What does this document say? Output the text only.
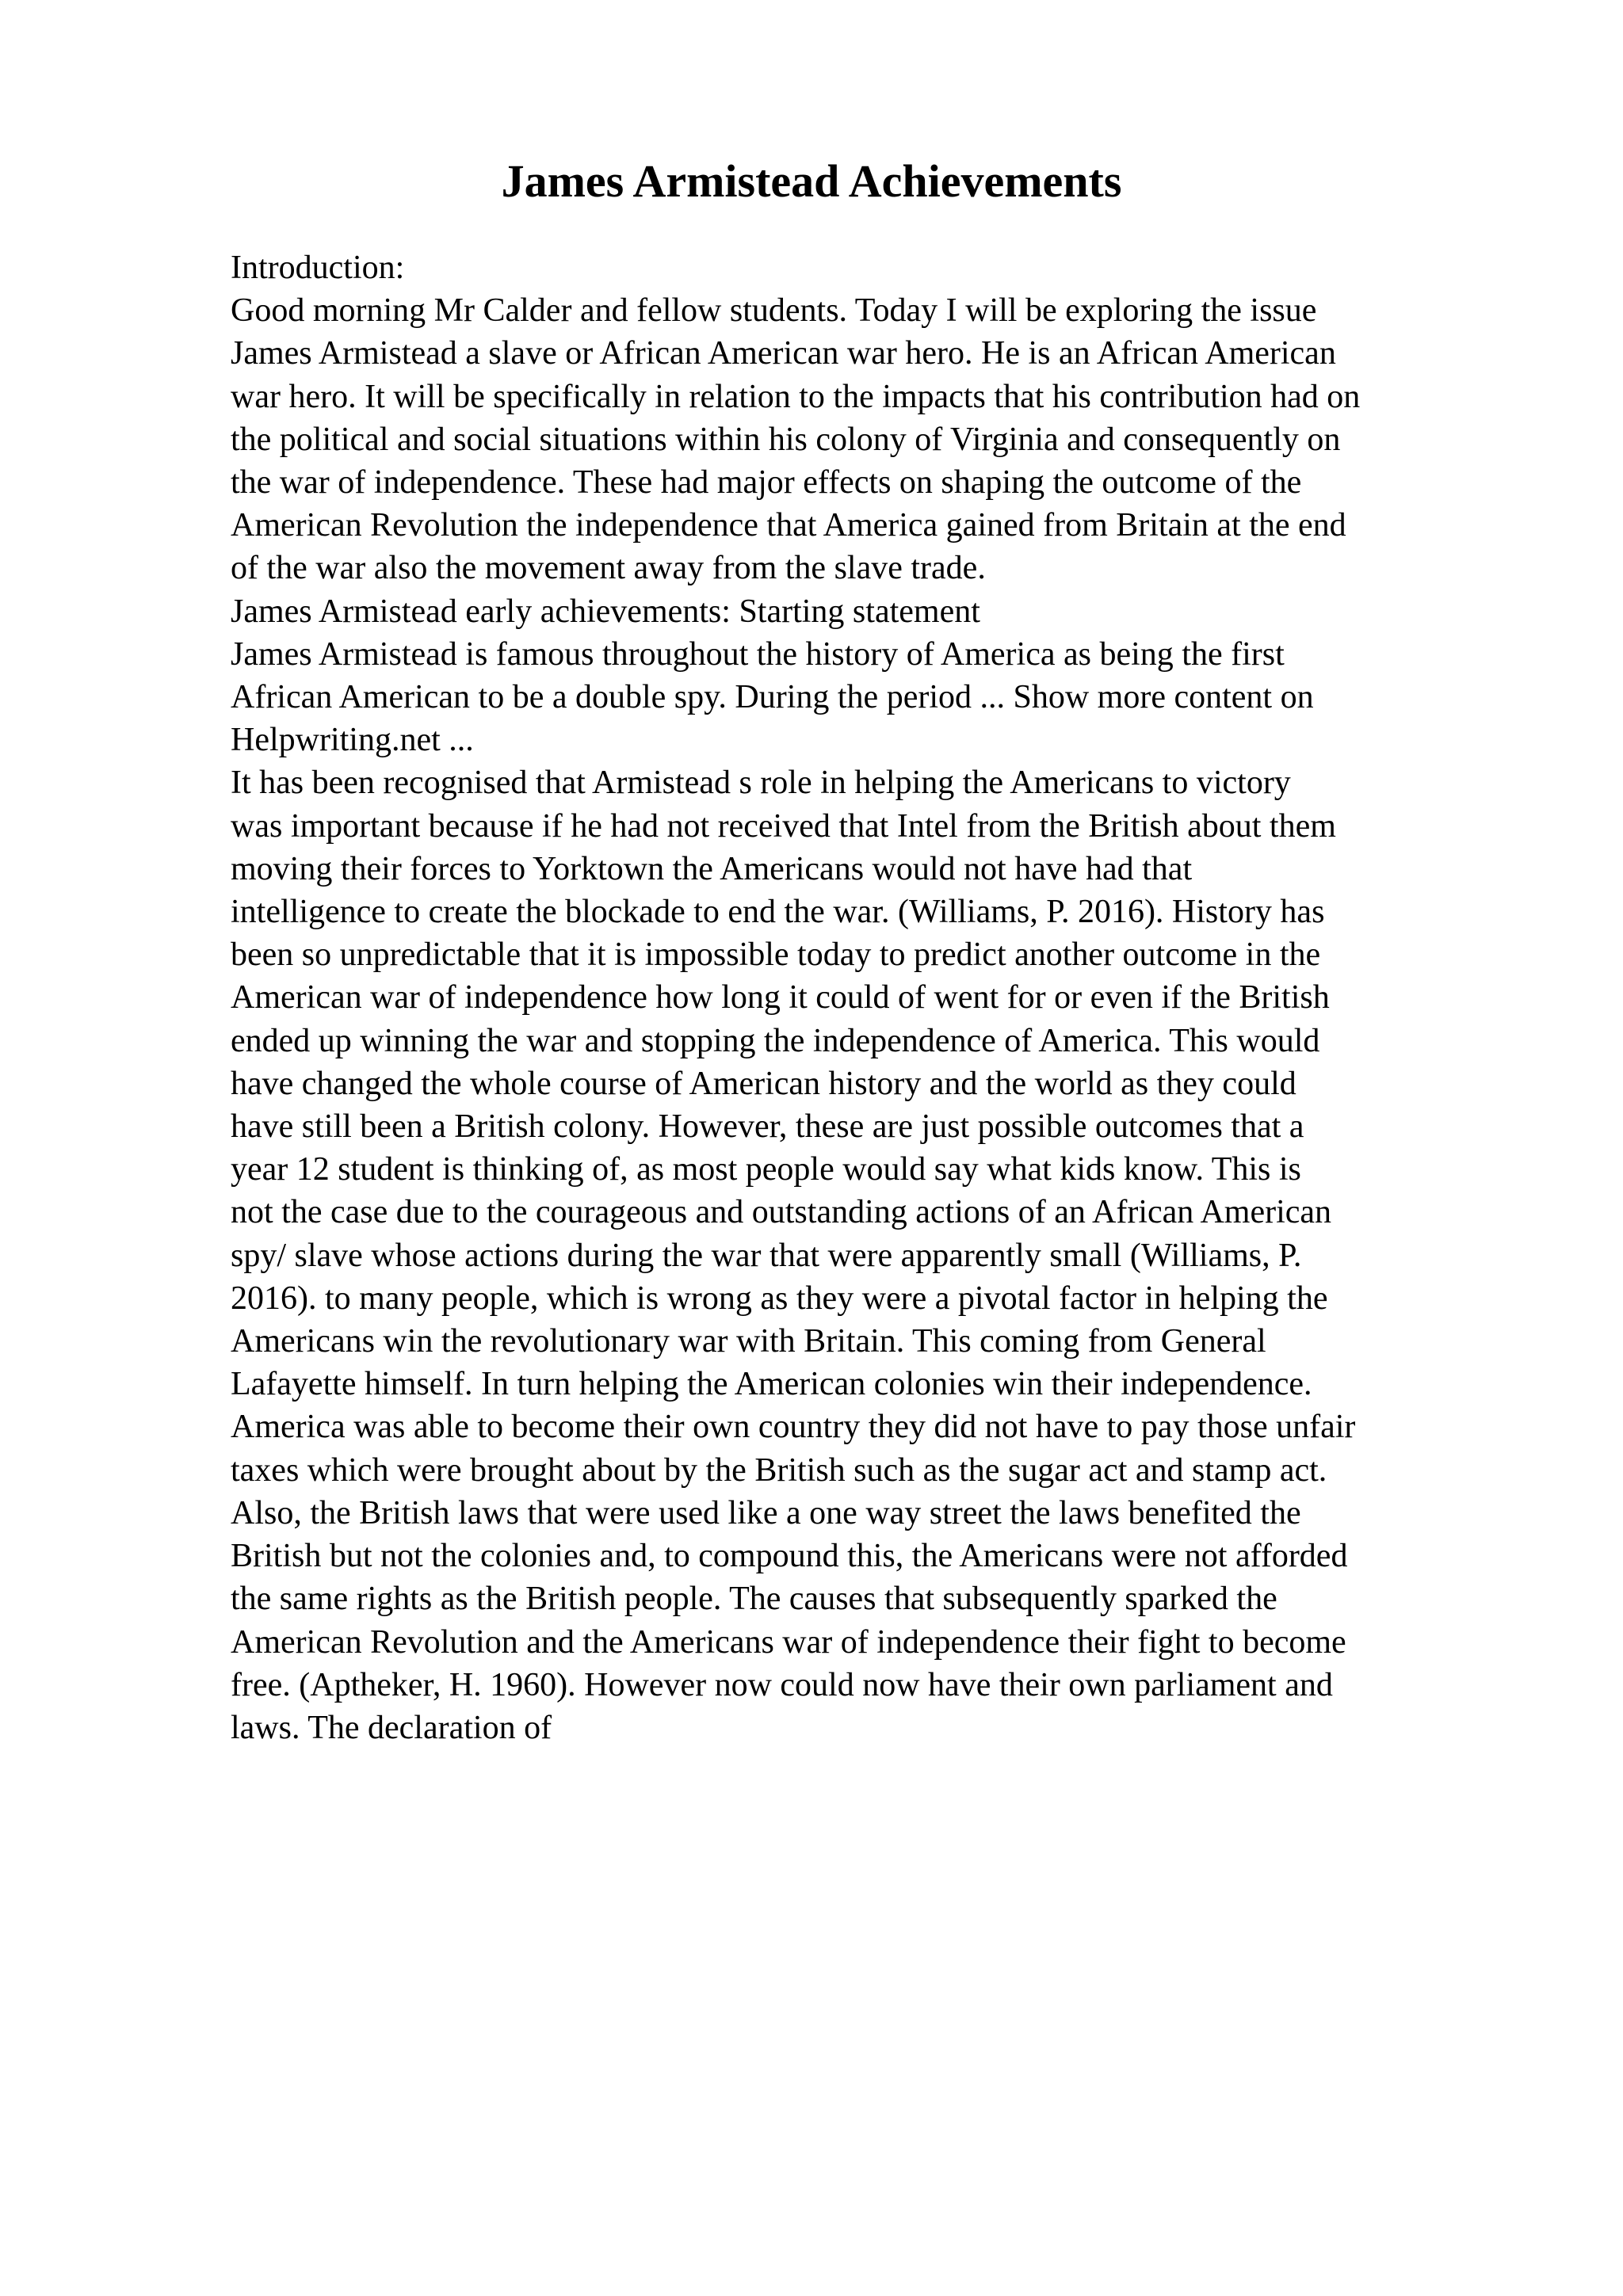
James Armistead Achievements
Introduction:
Good morning Mr Calder and fellow students. Today I will be exploring the issue
James Armistead a slave or African American war hero. He is an African American
war hero. It will be specifically in relation to the impacts that his contribution had on
the political and social situations within his colony of Virginia and consequently on
the war of independence. These had major effects on shaping the outcome of the
American Revolution the independence that America gained from Britain at the end
of the war also the movement away from the slave trade.
James Armistead early achievements: Starting statement
James Armistead is famous throughout the history of America as being the first
African American to be a double spy. During the period ... Show more content on
Helpwriting.net ...
It has been recognised that Armistead s role in helping the Americans to victory
was important because if he had not received that Intel from the British about them
moving their forces to Yorktown the Americans would not have had that
intelligence to create the blockade to end the war. (Williams, P. 2016). History has
been so unpredictable that it is impossible today to predict another outcome in the
American war of independence how long it could of went for or even if the British
ended up winning the war and stopping the independence of America. This would
have changed the whole course of American history and the world as they could
have still been a British colony. However, these are just possible outcomes that a
year 12 student is thinking of, as most people would say what kids know. This is
not the case due to the courageous and outstanding actions of an African American
spy/ slave whose actions during the war that were apparently small (Williams, P.
2016). to many people, which is wrong as they were a pivotal factor in helping the
Americans win the revolutionary war with Britain. This coming from General
Lafayette himself. In turn helping the American colonies win their independence.
America was able to become their own country they did not have to pay those unfair
taxes which were brought about by the British such as the sugar act and stamp act.
Also, the British laws that were used like a one way street the laws benefited the
British but not the colonies and, to compound this, the Americans were not afforded
the same rights as the British people. The causes that subsequently sparked the
American Revolution and the Americans war of independence their fight to become
free. (Aptheker, H. 1960). However now could now have their own parliament and
laws. The declaration of
